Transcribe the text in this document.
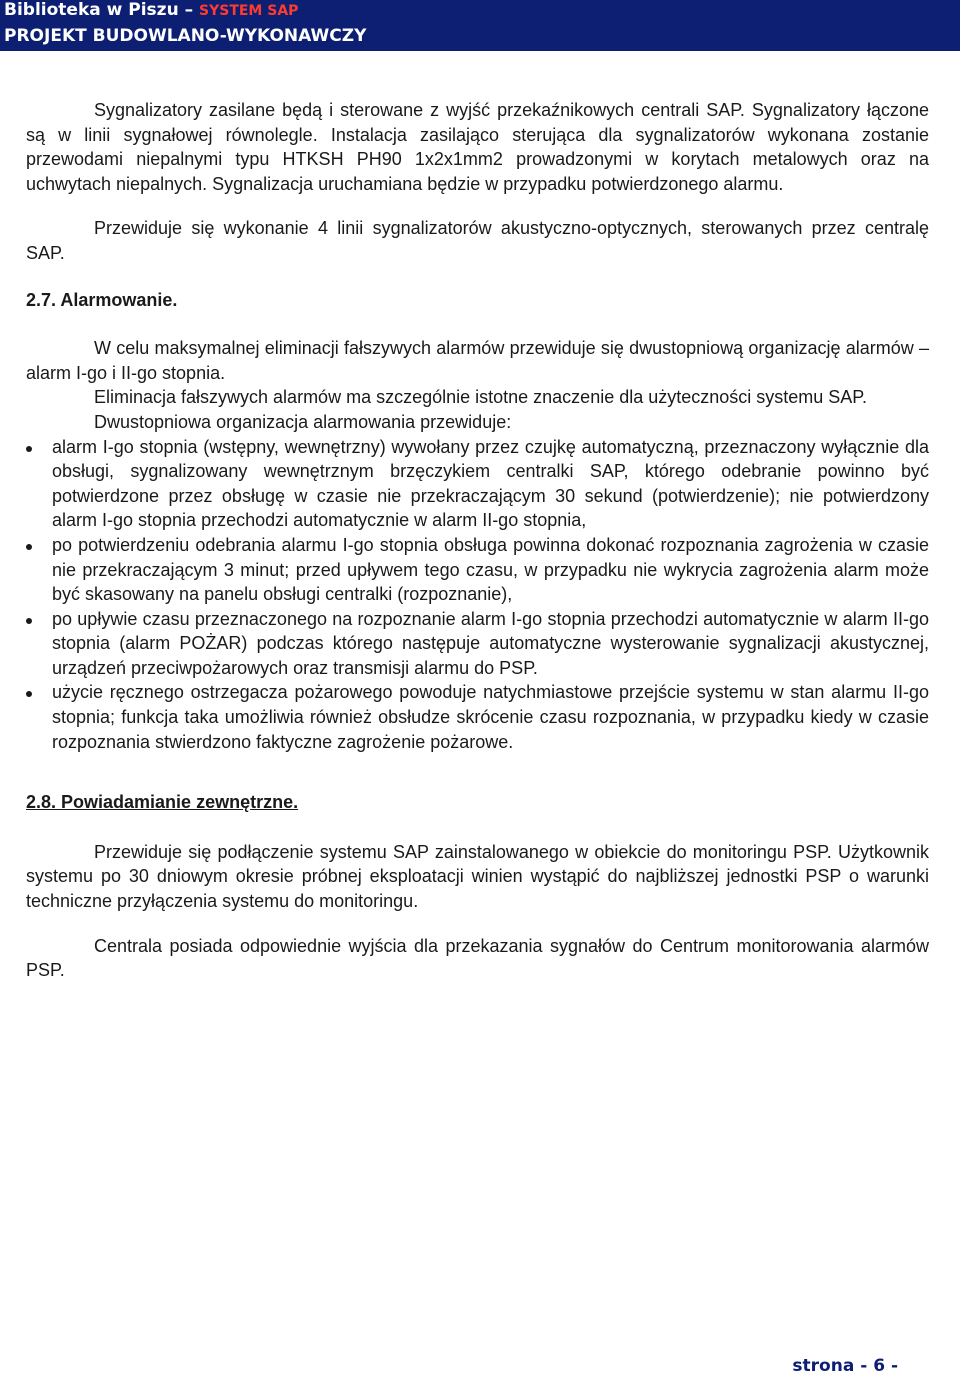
Biblioteka w Piszu – SYSTEM SAP
PROJEKT BUDOWLANO-WYKONAWCZY

Sygnalizatory zasilane będą i sterowane z wyjść przekaźnikowych centrali SAP. Sygnalizatory łączone są w linii sygnałowej równolegle. Instalacja zasilająco sterująca dla sygnalizatorów wykonana zostanie przewodami niepalnymi typu HTKSH PH90 1x2x1mm2 prowadzonymi w korytach metalowych oraz na uchwytach niepalnych. Sygnalizacja uruchamiana będzie w przypadku potwierdzonego alarmu.

Przewiduje się wykonanie 4 linii sygnalizatorów akustyczno-optycznych, sterowanych przez centralę SAP.

2.7. Alarmowanie.

W celu maksymalnej eliminacji fałszywych alarmów przewiduje się dwustopniową organizację alarmów – alarm I-go i II-go stopnia.

Eliminacja fałszywych alarmów ma szczególnie istotne znaczenie dla użyteczności systemu SAP.

Dwustopniowa organizacja alarmowania przewiduje:

alarm I-go stopnia (wstępny, wewnętrzny) wywołany przez czujkę automatyczną, przeznaczony wyłącznie dla obsługi, sygnalizowany wewnętrznym brzęczykiem centralki SAP, którego odebranie powinno być potwierdzone przez obsługę w czasie nie przekraczającym 30 sekund (potwierdzenie); nie potwierdzony alarm I-go stopnia przechodzi automatycznie w alarm II-go stopnia,
po potwierdzeniu odebrania alarmu I-go stopnia obsługa powinna dokonać rozpoznania zagrożenia w czasie nie przekraczającym 3 minut; przed upływem tego czasu, w przypadku nie wykrycia zagrożenia alarm może być skasowany na panelu obsługi centralki (rozpoznanie),
po upływie czasu przeznaczonego na rozpoznanie alarm I-go stopnia przechodzi automatycznie w alarm II-go stopnia (alarm POŻAR) podczas którego następuje automatyczne wysterowanie sygnalizacji akustycznej, urządzeń przeciwpożarowych oraz transmisji alarmu do PSP.
użycie ręcznego ostrzegacza pożarowego powoduje natychmiastowe przejście systemu w stan alarmu II-go stopnia; funkcja taka umożliwia również obsłudze skrócenie czasu rozpoznania, w przypadku kiedy w czasie rozpoznania stwierdzono faktyczne zagrożenie pożarowe.
2.8. Powiadamianie zewnętrzne.

Przewiduje się podłączenie systemu SAP zainstalowanego w obiekcie do monitoringu PSP. Użytkownik systemu po 30 dniowym okresie próbnej eksploatacji winien wystąpić do najbliższej jednostki PSP o warunki techniczne przyłączenia systemu do monitoringu.

Centrala posiada odpowiednie wyjścia dla przekazania sygnałów do Centrum monitorowania alarmów PSP.

strona - 6 -
